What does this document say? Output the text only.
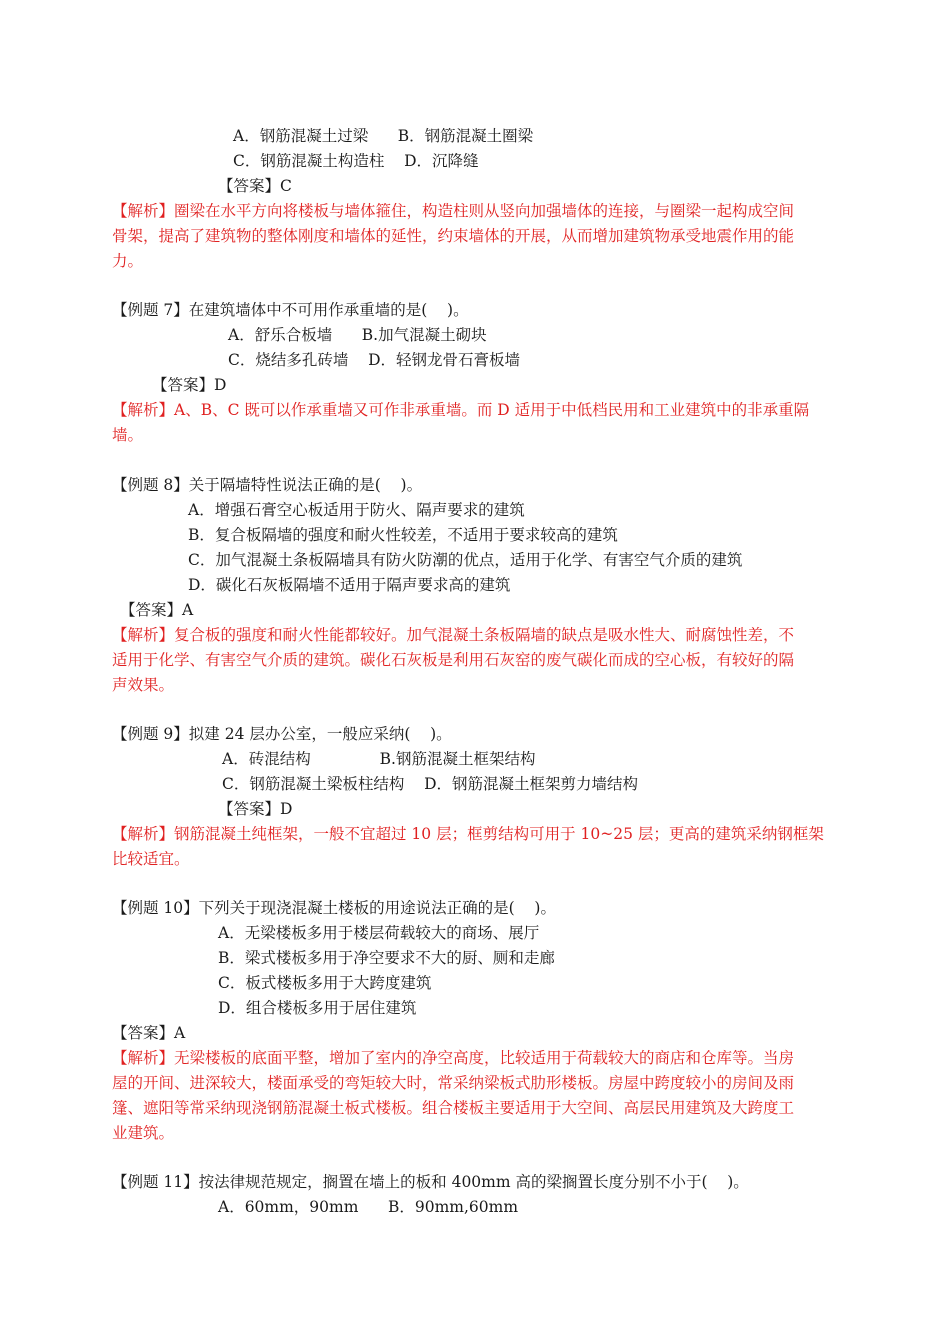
A．钢筋混凝土过梁      B．钢筋混凝土圈梁
C．钢筋混凝土构造柱    D．沉降缝
【答案】C
【解析】圈梁在水平方向将楼板与墙体箍住，构造柱则从竖向加强墙体的连接，与圈梁一起构成空间
骨架，提高了建筑物的整体刚度和墙体的延性，约束墙体的开展，从而增加建筑物承受地震作用的能
力。
【例题 7】在建筑墙体中不可用作承重墙的是(    )。
A．舒乐合板墙      B.加气混凝土砌块
C．烧结多孔砖墙    D．轻钢龙骨石膏板墙
【答案】D
【解析】A、B、C 既可以作承重墙又可作非承重墙。而 D 适用于中低档民用和工业建筑中的非承重隔
墙。
【例题 8】关于隔墙特性说法正确的是(    )。
A．增强石膏空心板适用于防火、隔声要求的建筑
B．复合板隔墙的强度和耐火性较差，不适用于要求较高的建筑
C．加气混凝土条板隔墙具有防火防潮的优点，适用于化学、有害空气介质的建筑
D．碳化石灰板隔墙不适用于隔声要求高的建筑
【答案】A
【解析】复合板的强度和耐火性能都较好。加气混凝土条板隔墙的缺点是吸水性大、耐腐蚀性差，不
适用于化学、有害空气介质的建筑。碳化石灰板是利用石灰窑的废气碳化而成的空心板，有较好的隔
声效果。
【例题 9】拟建 24 层办公室，一般应采纳(    )。
A．砖混结构              B.钢筋混凝土框架结构
C．钢筋混凝土梁板柱结构    D．钢筋混凝土框架剪力墙结构
【答案】D
【解析】钢筋混凝土纯框架，一般不宜超过 10 层；框剪结构可用于 10~25 层；更高的建筑采纳钢框架
比较适宜。
【例题 10】下列关于现浇混凝土楼板的用途说法正确的是(    )。
A．无梁楼板多用于楼层荷载较大的商场、展厅
B．梁式楼板多用于净空要求不大的厨、厕和走廊
C．板式楼板多用于大跨度建筑
D．组合楼板多用于居住建筑
【答案】A
【解析】无梁楼板的底面平整，增加了室内的净空高度，比较适用于荷载较大的商店和仓库等。当房
屋的开间、进深较大，楼面承受的弯矩较大时，常采纳梁板式肋形楼板。房屋中跨度较小的房间及雨
篷、遮阳等常采纳现浇钢筋混凝土板式楼板。组合楼板主要适用于大空间、高层民用建筑及大跨度工
业建筑。
【例题 11】按法律规范规定，搁置在墙上的板和 400mm 高的梁搁置长度分别不小于(    )。
A．60mm，90mm      B．90mm,60mm
